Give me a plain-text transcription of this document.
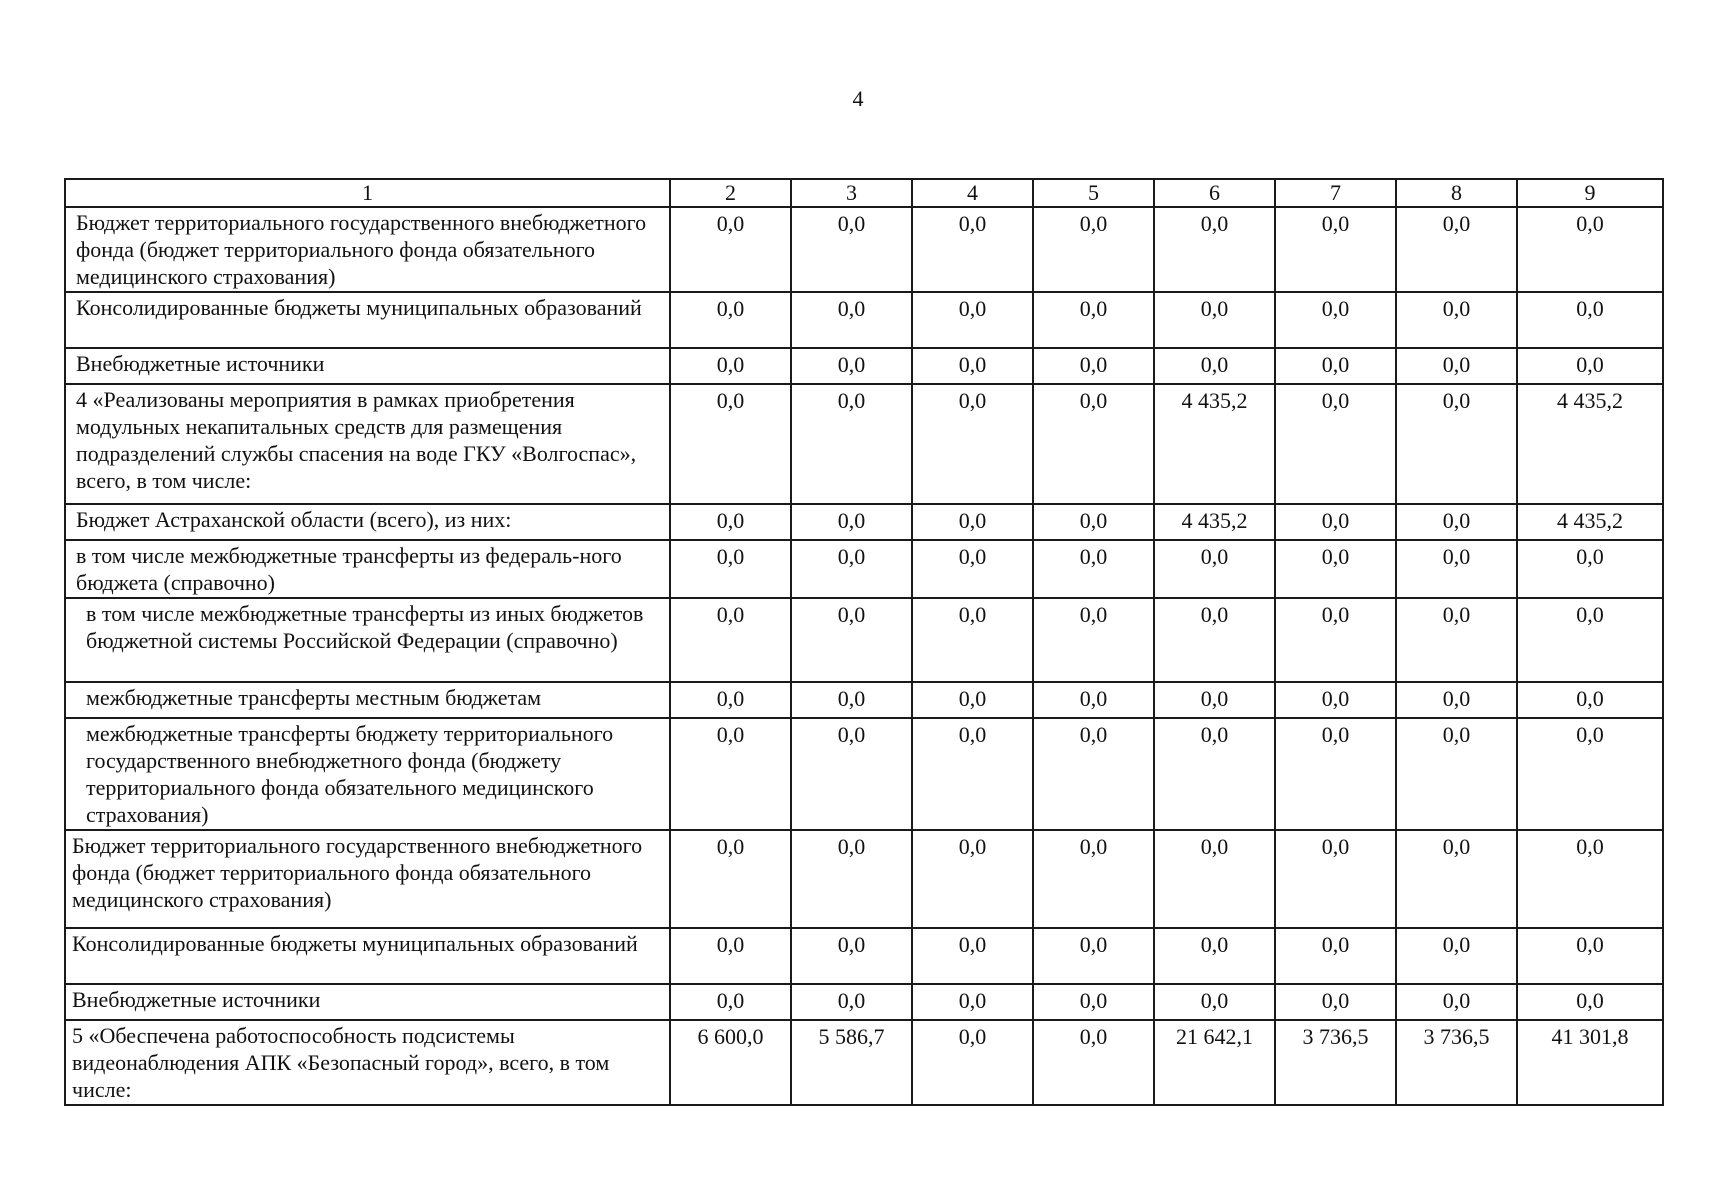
4
1	2	3	4	5	6	7	8	9
Бюджет территориального государственного внебюджетного фонда (бюджет территориального фонда обязательного медицинского страхования)	0,0	0,0	0,0	0,0	0,0	0,0	0,0	0,0
Консолидированные бюджеты муниципальных образований	0,0	0,0	0,0	0,0	0,0	0,0	0,0	0,0
Внебюджетные источники	0,0	0,0	0,0	0,0	0,0	0,0	0,0	0,0
4 «Реализованы мероприятия в рамках приобретения модульных некапитальных средств для размещения подразделений службы спасения на воде ГКУ «Волгоспас», всего, в том числе:	0,0	0,0	0,0	0,0	4 435,2	0,0	0,0	4 435,2
Бюджет Астраханской области (всего), из них:	0,0	0,0	0,0	0,0	4 435,2	0,0	0,0	4 435,2
в том числе межбюджетные трансферты из федераль-ного бюджета (справочно)	0,0	0,0	0,0	0,0	0,0	0,0	0,0	0,0
в том числе межбюджетные трансферты из иных бюджетов бюджетной системы Российской Федерации (справочно)	0,0	0,0	0,0	0,0	0,0	0,0	0,0	0,0
межбюджетные трансферты местным бюджетам	0,0	0,0	0,0	0,0	0,0	0,0	0,0	0,0
межбюджетные трансферты бюджету территориального государственного внебюджетного фонда (бюджету территориального фонда обязательного медицинского страхования)	0,0	0,0	0,0	0,0	0,0	0,0	0,0	0,0
Бюджет территориального государственного внебюджетного фонда (бюджет территориального фонда обязательного медицинского страхования)	0,0	0,0	0,0	0,0	0,0	0,0	0,0	0,0
Консолидированные бюджеты муниципальных образований	0,0	0,0	0,0	0,0	0,0	0,0	0,0	0,0
Внебюджетные источники	0,0	0,0	0,0	0,0	0,0	0,0	0,0	0,0
5 «Обеспечена работоспособность подсистемы видеонаблюдения АПК «Безопасный город», всего, в том числе:	6 600,0	5 586,7	0,0	0,0	21 642,1	3 736,5	3 736,5	41 301,8
